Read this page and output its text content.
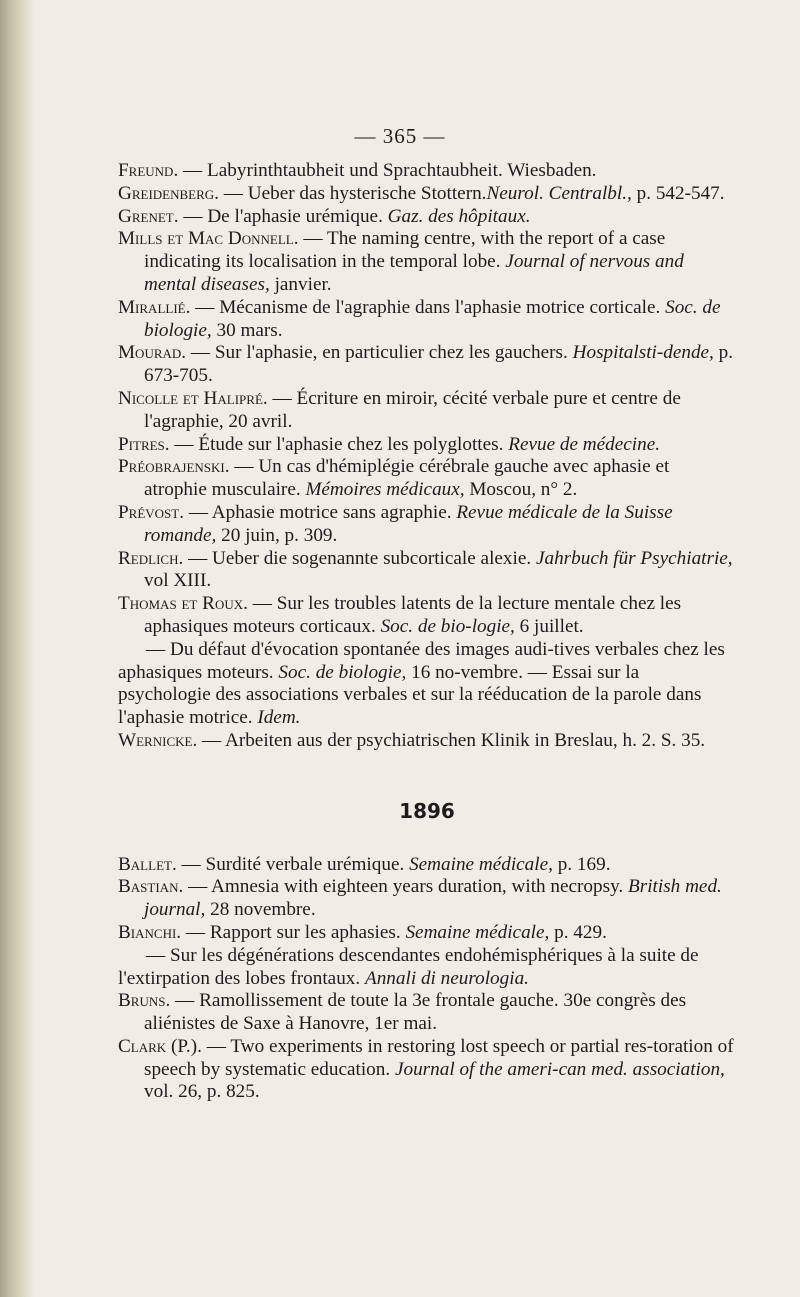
— 365 —
Freund. — Labyrinthtaubheit und Sprachtaubheit. Wiesbaden.
Greidenberg. — Ueber das hysterische Stottern.Neurol. Centralbl., p. 542-547.
Grenet. — De l'aphasie urémique. Gaz. des hôpitaux.
Mills et Mac Donnell. — The naming centre, with the report of a case indicating its localisation in the temporal lobe. Journal of nervous and mental diseases, janvier.
Mirallié. — Mécanisme de l'agraphie dans l'aphasie motrice corticale. Soc. de biologie, 30 mars.
Mourad. — Sur l'aphasie, en particulier chez les gauchers. Hospitalsti-dende, p. 673-705.
Nicolle et Halipré. — Écriture en miroir, cécité verbale pure et centre de l'agraphie, 20 avril.
Pitres. — Étude sur l'aphasie chez les polyglottes. Revue de médecine.
Préobrajenski. — Un cas d'hémiplégie cérébrale gauche avec aphasie et atrophie musculaire. Mémoires médicaux, Moscou, n° 2.
Prévost. — Aphasie motrice sans agraphie. Revue médicale de la Suisse romande, 20 juin, p. 309.
Redlich. — Ueber die sogenannte subcorticale alexie. Jahrbuch für Psychiatrie, vol XIII.
Thomas et Roux. — Sur les troubles latents de la lecture mentale chez les aphasiques moteurs corticaux. Soc. de bio-logie, 6 juillet.
— Du défaut d'évocation spontanée des images audi-tives verbales chez les aphasiques moteurs. Soc. de biologie, 16 no-vembre. — Essai sur la psychologie des associations verbales et sur la rééducation de la parole dans l'aphasie motrice. Idem.
Wernicke. — Arbeiten aus der psychiatrischen Klinik in Breslau, h. 2. S. 35.
1896
Ballet. — Surdité verbale urémique. Semaine médicale, p. 169.
Bastian. — Amnesia with eighteen years duration, with necropsy. British med. journal, 28 novembre.
Bianchi. — Rapport sur les aphasies. Semaine médicale, p. 429.
— Sur les dégénérations descendantes endohémisphériques à la suite de l'extirpation des lobes frontaux. Annali di neurologia.
Bruns. — Ramollissement de toute la 3e frontale gauche. 30e congrès des aliénistes de Saxe à Hanovre, 1er mai.
Clark (P.). — Two experiments in restoring lost speech or partial res-toration of speech by systematic education. Journal of the ameri-can med. association, vol. 26, p. 825.
